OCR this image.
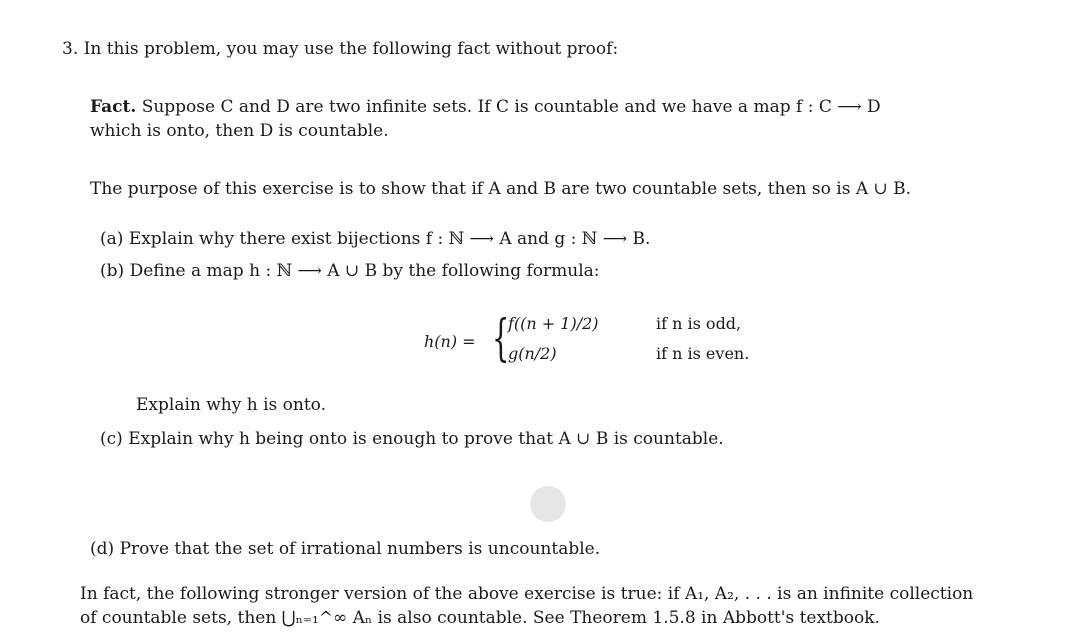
3. In this problem, you may use the following fact without proof:
Fact. Suppose C and D are two infinite sets. If C is countable and we have a map f : C ⟶ D
which is onto, then D is countable.
The purpose of this exercise is to show that if A and B are two countable sets, then so is A ∪ B.
(a) Explain why there exist bijections f : ℕ ⟶ A and g : ℕ ⟶ B.
(b) Define a map h : ℕ ⟶ A ∪ B by the following formula:
h(n) = {
f((n + 1)/2)	if n is odd,
g(n/2)	if n is even.
Explain why h is onto.
(c) Explain why h being onto is enough to prove that A ∪ B is countable.
(d) Prove that the set of irrational numbers is uncountable.
In fact, the following stronger version of the above exercise is true: if A₁, A₂, . . . is an infinite collection
of countable sets, then ⋃ₙ₌₁^∞ Aₙ is also countable. See Theorem 1.5.8 in Abbott's textbook.
